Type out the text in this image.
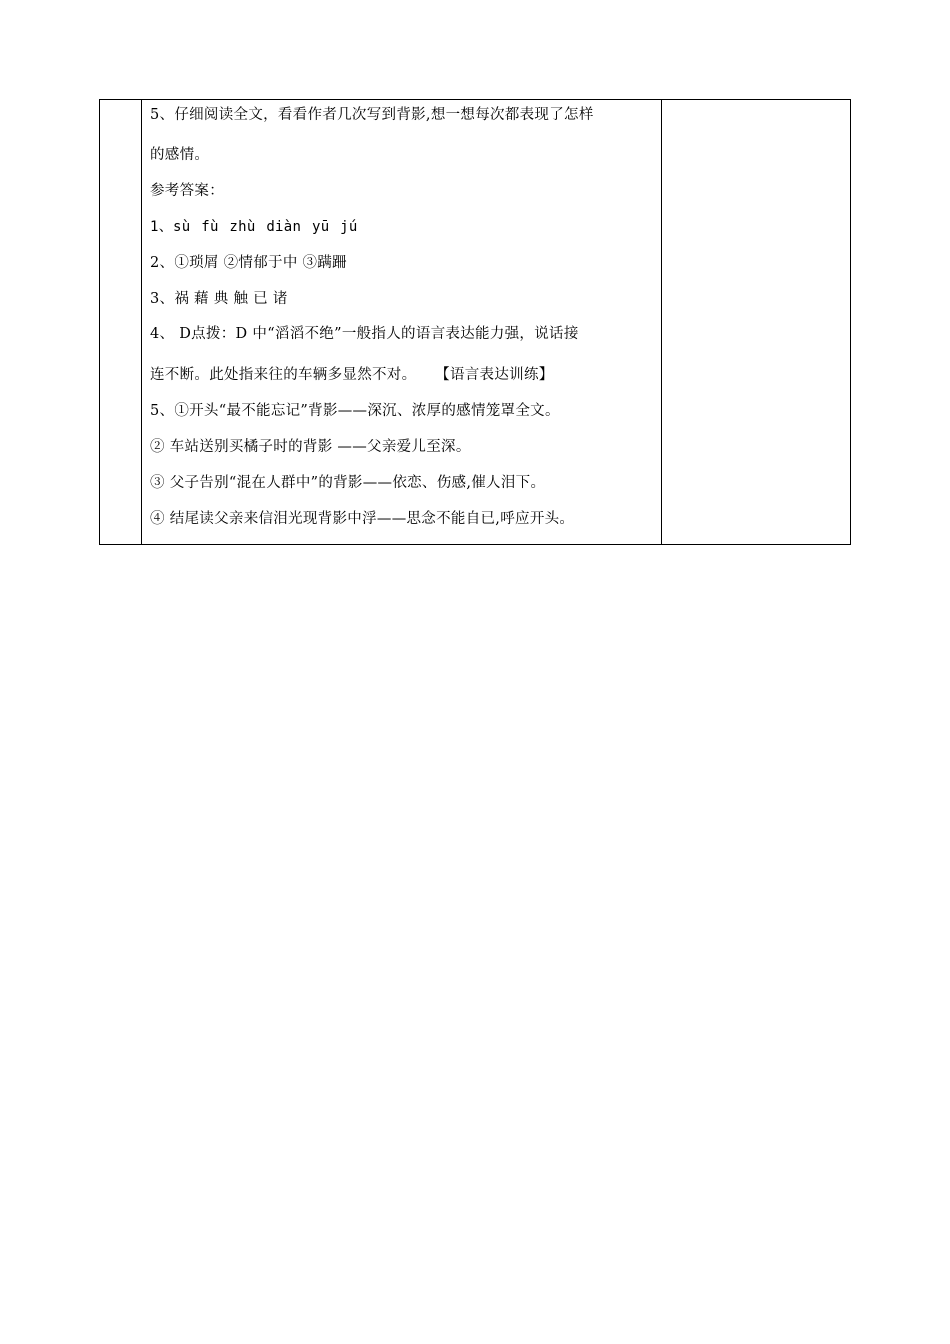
5、仔细阅读全文，看看作者几次写到背影,想一想每次都表现了怎样
的感情。
参考答案：
1、sù fù zhù diàn yū jú
2、①琐屑 ②情郁于中 ③蹒跚
3、祸 藉 典 触 已 诸
4、 D点拨：D 中“滔滔不绝”一般指人的语言表达能力强，说话接
连不断。此处指来往的车辆多显然不对。 【语言表达训练】
5、①开头“最不能忘记”背影——深沉、浓厚的感情笼罩全文。
② 车站送别买橘子时的背影 ——父亲爱儿至深。
③ 父子告别“混在人群中”的背影——依恋、伤感,催人泪下。
④ 结尾读父亲来信泪光现背影中浮——思念不能自已,呼应开头。
